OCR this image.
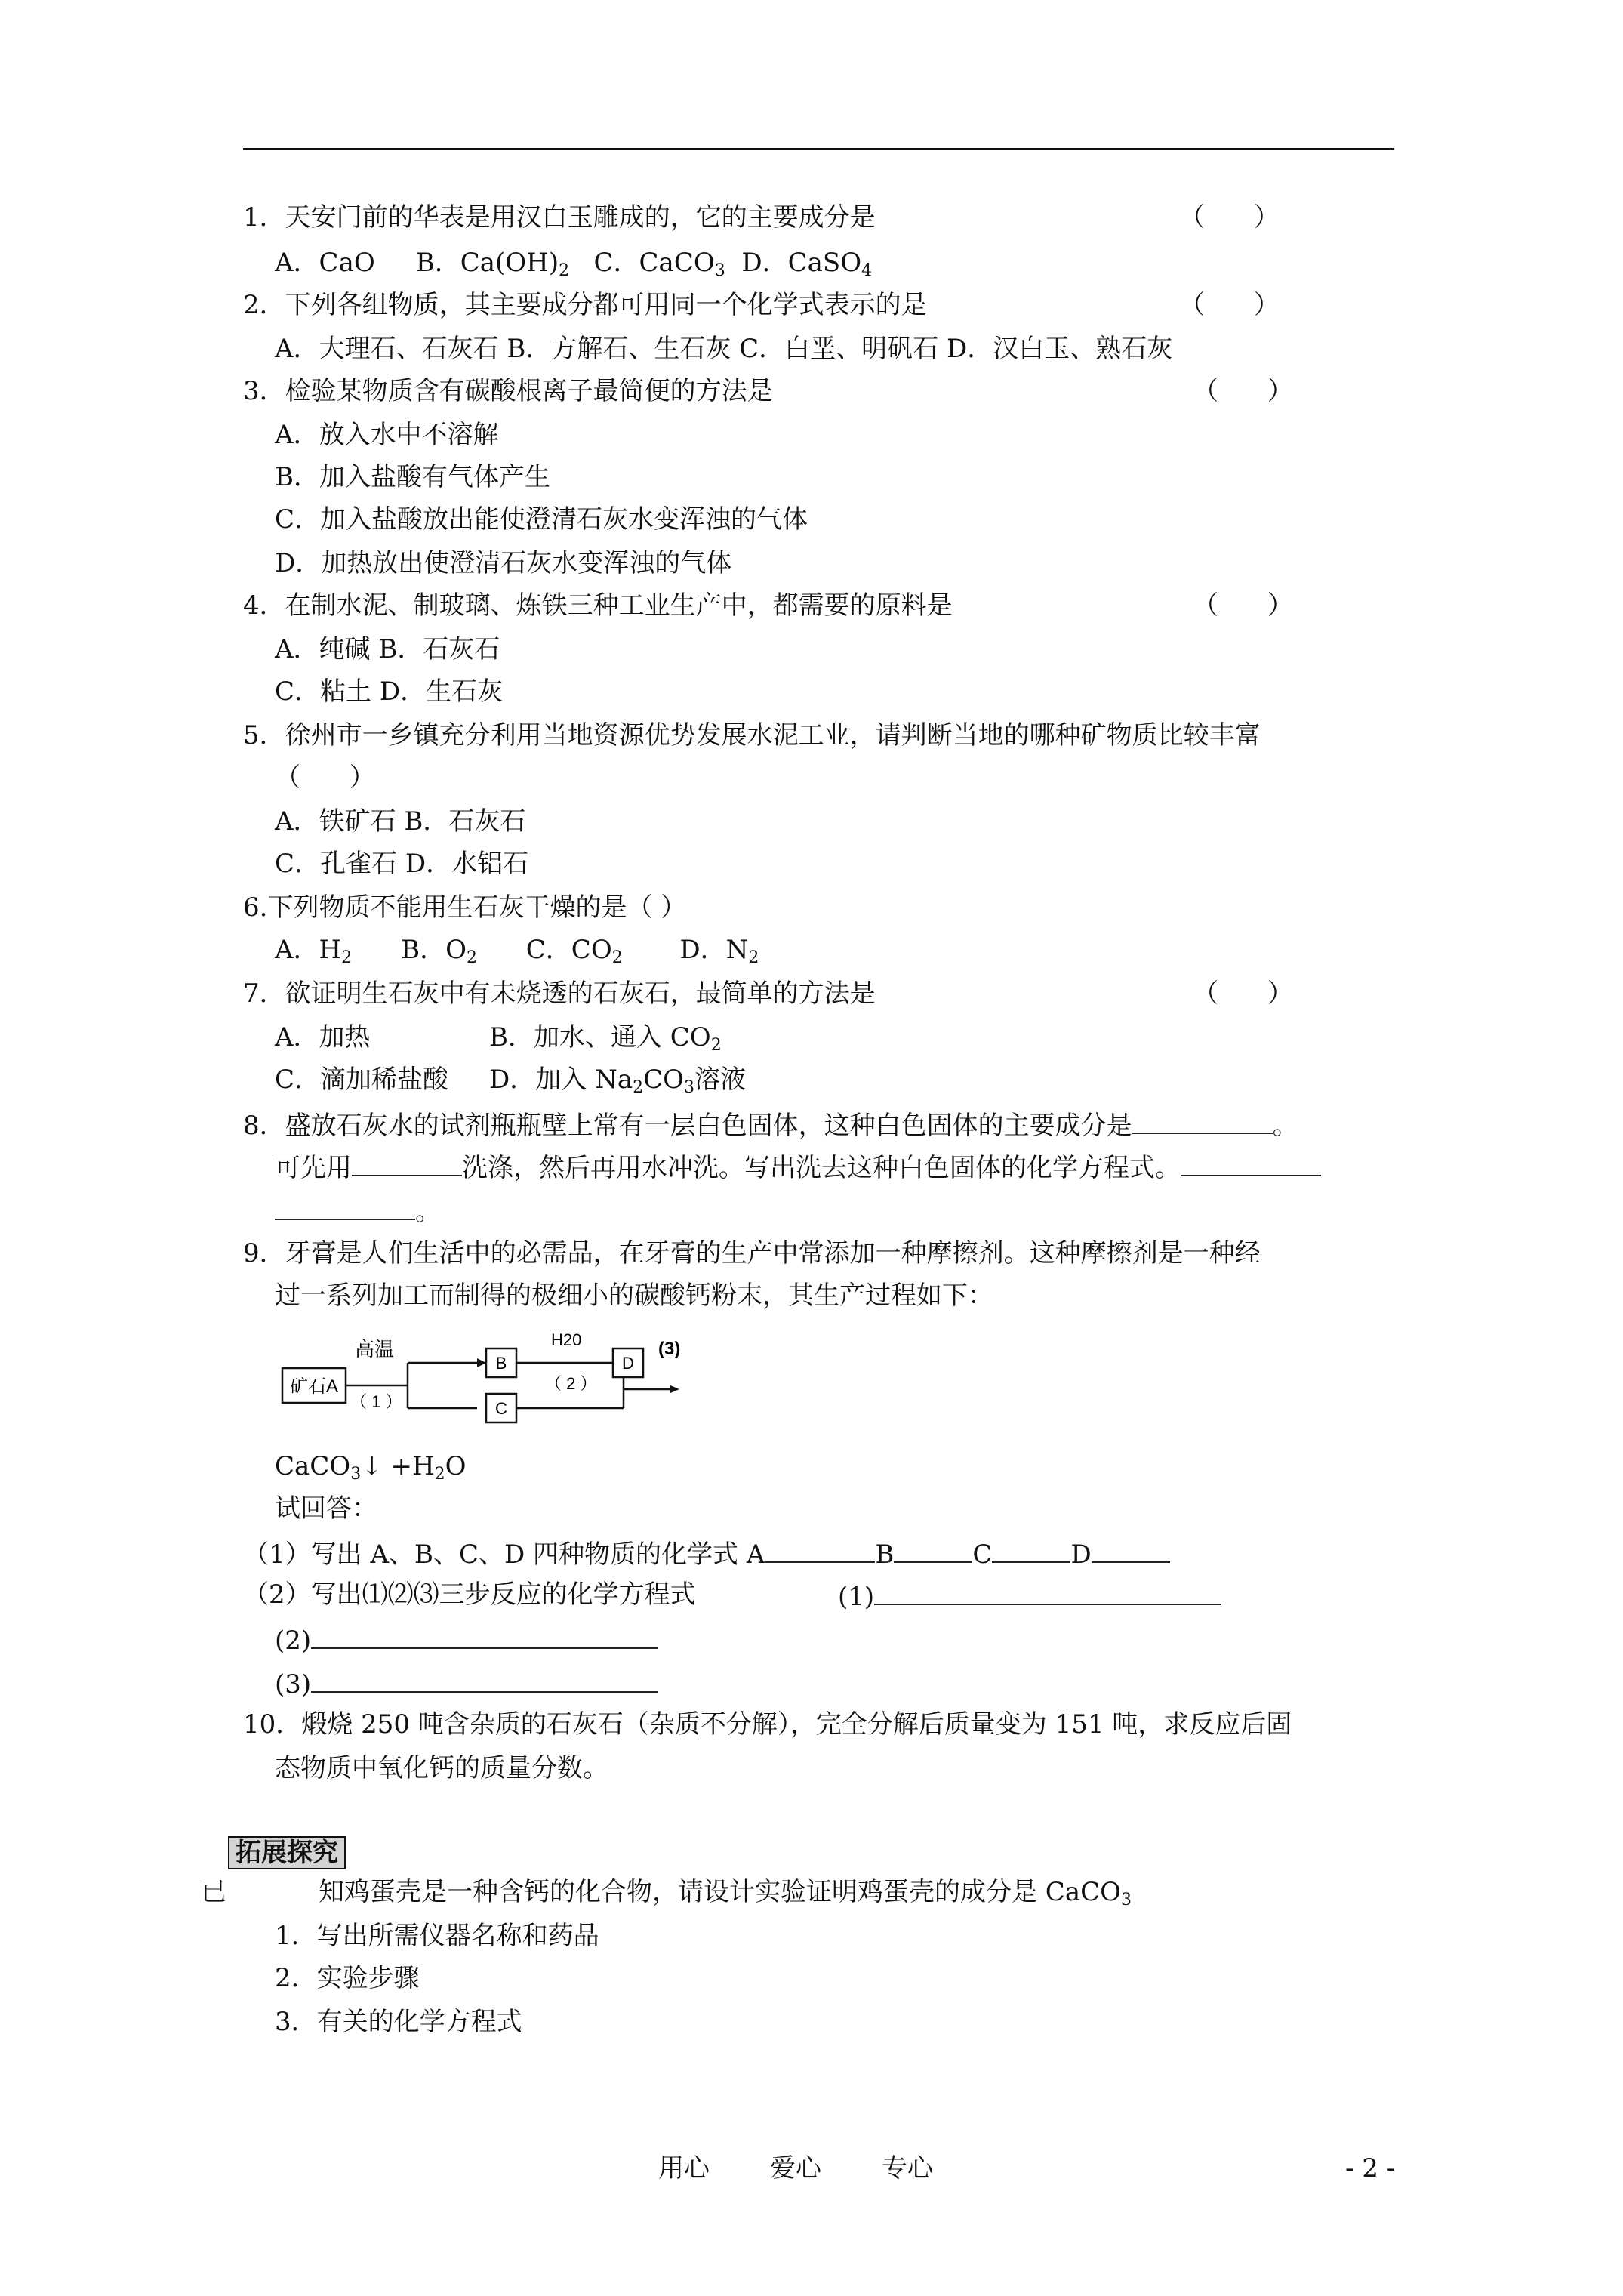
1．天安门前的华表是用汉白玉雕成的，它的主要成分是	（      ）
A．CaO B．$Ca(OH)_2$ C．CaCO$_3$ D．CaSO$_4$
2．下列各组物质，其主要成分都可用同一个化学式表示的是	（      ）
A．大理石、石灰石 B．方解石、生石灰 C．白垩、明矾石 D．汉白玉、熟石灰
3．检验某物质含有碳酸根离子最简便的方法是	（      ）
A．放入水中不溶解
B．加入盐酸有气体产生
C．加入盐酸放出能使澄清石灰水变浑浊的气体
D．加热放出使澄清石灰水变浑浊的气体
4．在制水泥、制玻璃、炼铁三种工业生产中，都需要的原料是	（      ）
A．纯碱 B．石灰石
C．粘土 D．生石灰
5．徐州市一乡镇充分利用当地资源优势发展水泥工业，请判断当地的哪种矿物质比较丰富
（      ）
A．铁矿石 B．石灰石
C．孔雀石 D．水铝石
6.下列物质不能用生石灰干燥的是（ ）
A．$H_2$ B．$O_2$ C．$CO_2$ D．$N_2$
7．欲证明生石灰中有未烧透的石灰石，最简单的方法是	（      ）
A．加热	B．加水、通入 $CO_2$
C．滴加稀盐酸 D．加入 $Na_2CO_3$溶液
8．盛放石灰水的试剂瓶瓶壁上常有一层白色固体，这种白色固体的主要成分是	。
可先用	洗涤，然后再用水冲洗。写出洗去这种白色固体的化学方程式。
。
9．牙膏是人们生活中的必需品，在牙膏的生产中常添加一种摩擦剂。这种摩擦剂是一种经
过一系列加工而制得的极细小的碳酸钙粉末，其生产过程如下：
矿石A
高温
（ 1 ）
B
H20
（ 2 ）
C
D
(3)
CaCO$_3$↓ $+H_2O$
试回答：
（1）写出 A、B、C、D 四种物质的化学式 A	B	C	D
（2）写出⑴⑵⑶三步反应的化学方程式	(1)
(2)
(3)
10．煅烧 250 吨含杂质的石灰石（杂质不分解），完全分解后质量变为 151 吨，求反应后固
态物质中氧化钙的质量分数。
拓展探究
已	知鸡蛋壳是一种含钙的化合物，请设计实验证明鸡蛋壳的成分是 CaCO$_3$
1．写出所需仪器名称和药品
2．实验步骤
3．有关的化学方程式
用心 爱心 专心	- 2 -
